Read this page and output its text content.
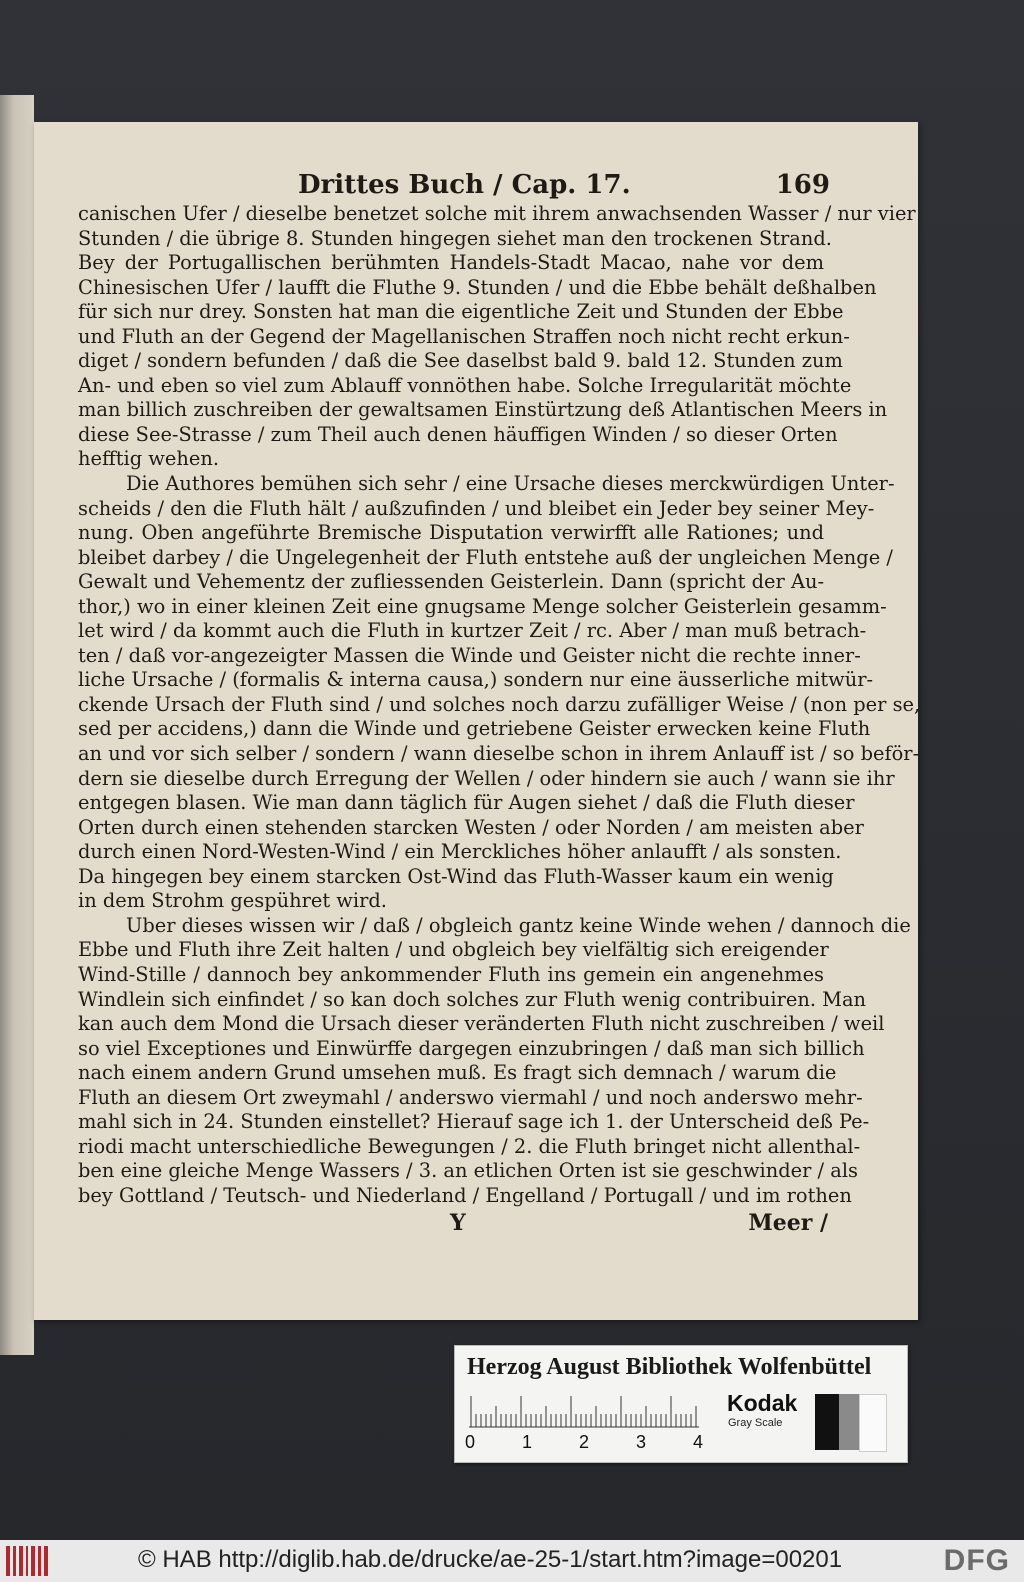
Drittes Buch / Cap. 17.	169
canischen Ufer / dieselbe benetzet solche mit ihrem anwachsenden Wasser / nur vier
Stunden / die übrige 8. Stunden hingegen siehet man den trockenen Strand.
Bey der Portugallischen berühmten Handels-Stadt Macao, nahe vor dem
Chinesischen Ufer / laufft die Fluthe 9. Stunden / und die Ebbe behält deßhalben
für sich nur drey. Sonsten hat man die eigentliche Zeit und Stunden der Ebbe
und Fluth an der Gegend der Magellanischen Straffen noch nicht recht erkun-
diget / sondern befunden / daß die See daselbst bald 9. bald 12. Stunden zum
An- und eben so viel zum Ablauff vonnöthen habe. Solche Irregularität möchte
man billich zuschreiben der gewaltsamen Einstürtzung deß Atlantischen Meers in
diese See-Strasse / zum Theil auch denen häuffigen Winden / so dieser Orten
hefftig wehen.
Die Authores bemühen sich sehr / eine Ursache dieses merckwürdigen Unter-
scheids / den die Fluth hält / außzufinden / und bleibet ein Jeder bey seiner Mey-
nung. Oben angeführte Bremische Disputation verwirfft alle Rationes; und
bleibet darbey / die Ungelegenheit der Fluth entstehe auß der ungleichen Menge /
Gewalt und Vehementz der zufliessenden Geisterlein. Dann (spricht der Au-
thor,) wo in einer kleinen Zeit eine gnugsame Menge solcher Geisterlein gesamm-
let wird / da kommt auch die Fluth in kurtzer Zeit / rc. Aber / man muß betrach-
ten / daß vor-angezeigter Massen die Winde und Geister nicht die rechte inner-
liche Ursache / (formalis & interna causa,) sondern nur eine äusserliche mitwür-
ckende Ursach der Fluth sind / und solches noch darzu zufälliger Weise / (non per se,
sed per accidens,) dann die Winde und getriebene Geister erwecken keine Fluth
an und vor sich selber / sondern / wann dieselbe schon in ihrem Anlauff ist / so beför-
dern sie dieselbe durch Erregung der Wellen / oder hindern sie auch / wann sie ihr
entgegen blasen. Wie man dann täglich für Augen siehet / daß die Fluth dieser
Orten durch einen stehenden starcken Westen / oder Norden / am meisten aber
durch einen Nord-Westen-Wind / ein Merckliches höher anlaufft / als sonsten.
Da hingegen bey einem starcken Ost-Wind das Fluth-Wasser kaum ein wenig
in dem Strohm gespühret wird.
Uber dieses wissen wir / daß / obgleich gantz keine Winde wehen / dannoch die
Ebbe und Fluth ihre Zeit halten / und obgleich bey vielfältig sich ereigender
Wind-Stille / dannoch bey ankommender Fluth ins gemein ein angenehmes
Windlein sich einfindet / so kan doch solches zur Fluth wenig contribuiren. Man
kan auch dem Mond die Ursach dieser veränderten Fluth nicht zuschreiben / weil
so viel Exceptiones und Einwürffe dargegen einzubringen / daß man sich billich
nach einem andern Grund umsehen muß. Es fragt sich demnach / warum die
Fluth an diesem Ort zweymahl / anderswo viermahl / und noch anderswo mehr-
mahl sich in 24. Stunden einstellet? Hierauf sage ich 1. der Unterscheid deß Pe-
riodi macht unterschiedliche Bewegungen / 2. die Fluth bringet nicht allenthal-
ben eine gleiche Menge Wassers / 3. an etlichen Orten ist sie geschwinder / als
bey Gottland / Teutsch- und Niederland / Engelland / Portugall / und im rothen
Y	Meer /
Herzog August Bibliothek Wolfenbüttel
0	1	2	3	4
Kodak
Gray Scale
© HAB http://diglib.hab.de/drucke/ae-25-1/start.htm?image=00201	DFG
